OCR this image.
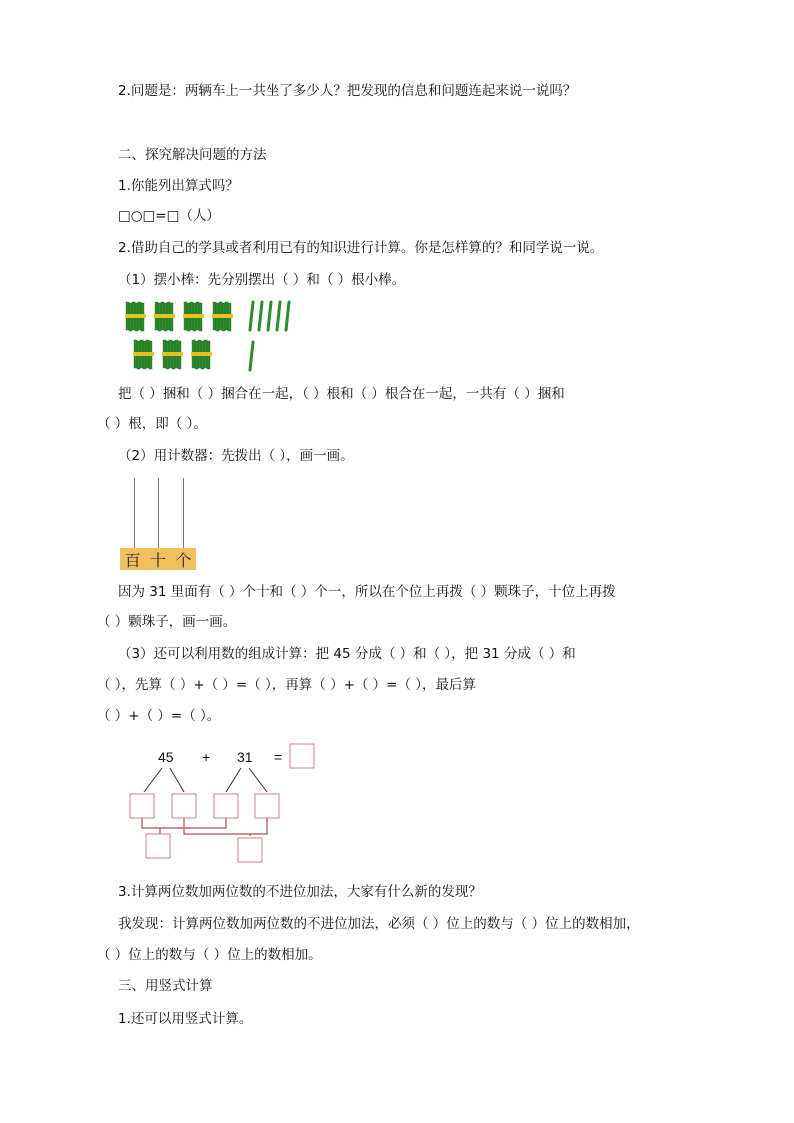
2.问题是：两辆车上一共坐了多少人？把发现的信息和问题连起来说一说吗？
二、探究解决问题的方法
1.你能列出算式吗？
□○□=□（人）
2.借助自己的学具或者利用已有的知识进行计算。你是怎样算的？和同学说一说。
（1）摆小棒：先分别摆出（ ）和（ ）根小棒。
把（ ）捆和（ ）捆合在一起，（ ）根和（ ）根合在一起，一共有（ ）捆和
（ ）根，即（ ）。
（2）用计数器：先拨出（ ），画一画。
百 十 个
因为 31 里面有（ ）个十和（ ）个一，所以在个位上再拨（ ）颗珠子，十位上再拨
（ ）颗珠子，画一画。
（3）还可以利用数的组成计算：把 45 分成（ ）和（ ），把 31 分成（ ）和
（ ），先算（ ）+（ ）=（ ），再算（ ）+（ ）=（ ），最后算
（ ）+（ ）=（ ）。
45 + 31 =
3.计算两位数加两位数的不进位加法，大家有什么新的发现？
我发现：计算两位数加两位数的不进位加法，必须（ ）位上的数与（ ）位上的数相加，
（ ）位上的数与（ ）位上的数相加。
三、用竖式计算
1.还可以用竖式计算。
